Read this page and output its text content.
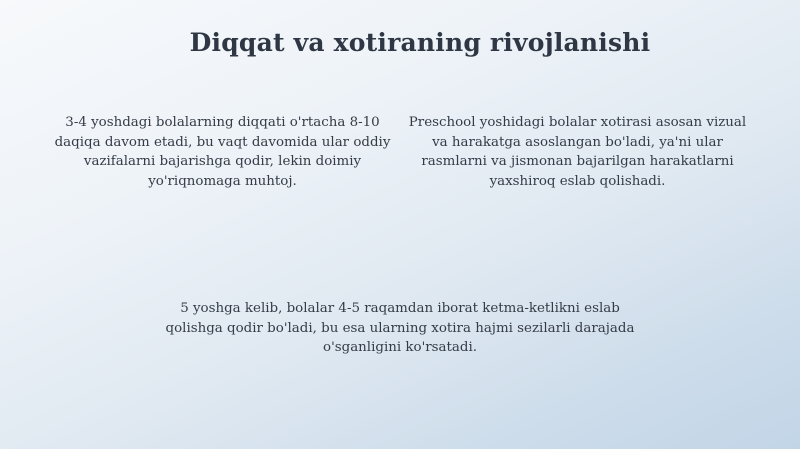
Diqqat va xotiraning rivojlanishi
3-4 yoshdagi bolalarning diqqati o'rtacha 8-10 daqiqa davom etadi, bu vaqt davomida ular oddiy vazifalarni bajarishga qodir, lekin doimiy yo'riqnomaga muhtoj.
Preschool yoshidagi bolalar xotirasi asosan vizual va harakatga asoslangan bo'ladi, ya'ni ular rasmlarni va jismonan bajarilgan harakatlarni yaxshiroq eslab qolishadi.
5 yoshga kelib, bolalar 4-5 raqamdan iborat ketma-ketlikni eslab qolishga qodir bo'ladi, bu esa ularning xotira hajmi sezilarli darajada o'sganligini ko'rsatadi.
